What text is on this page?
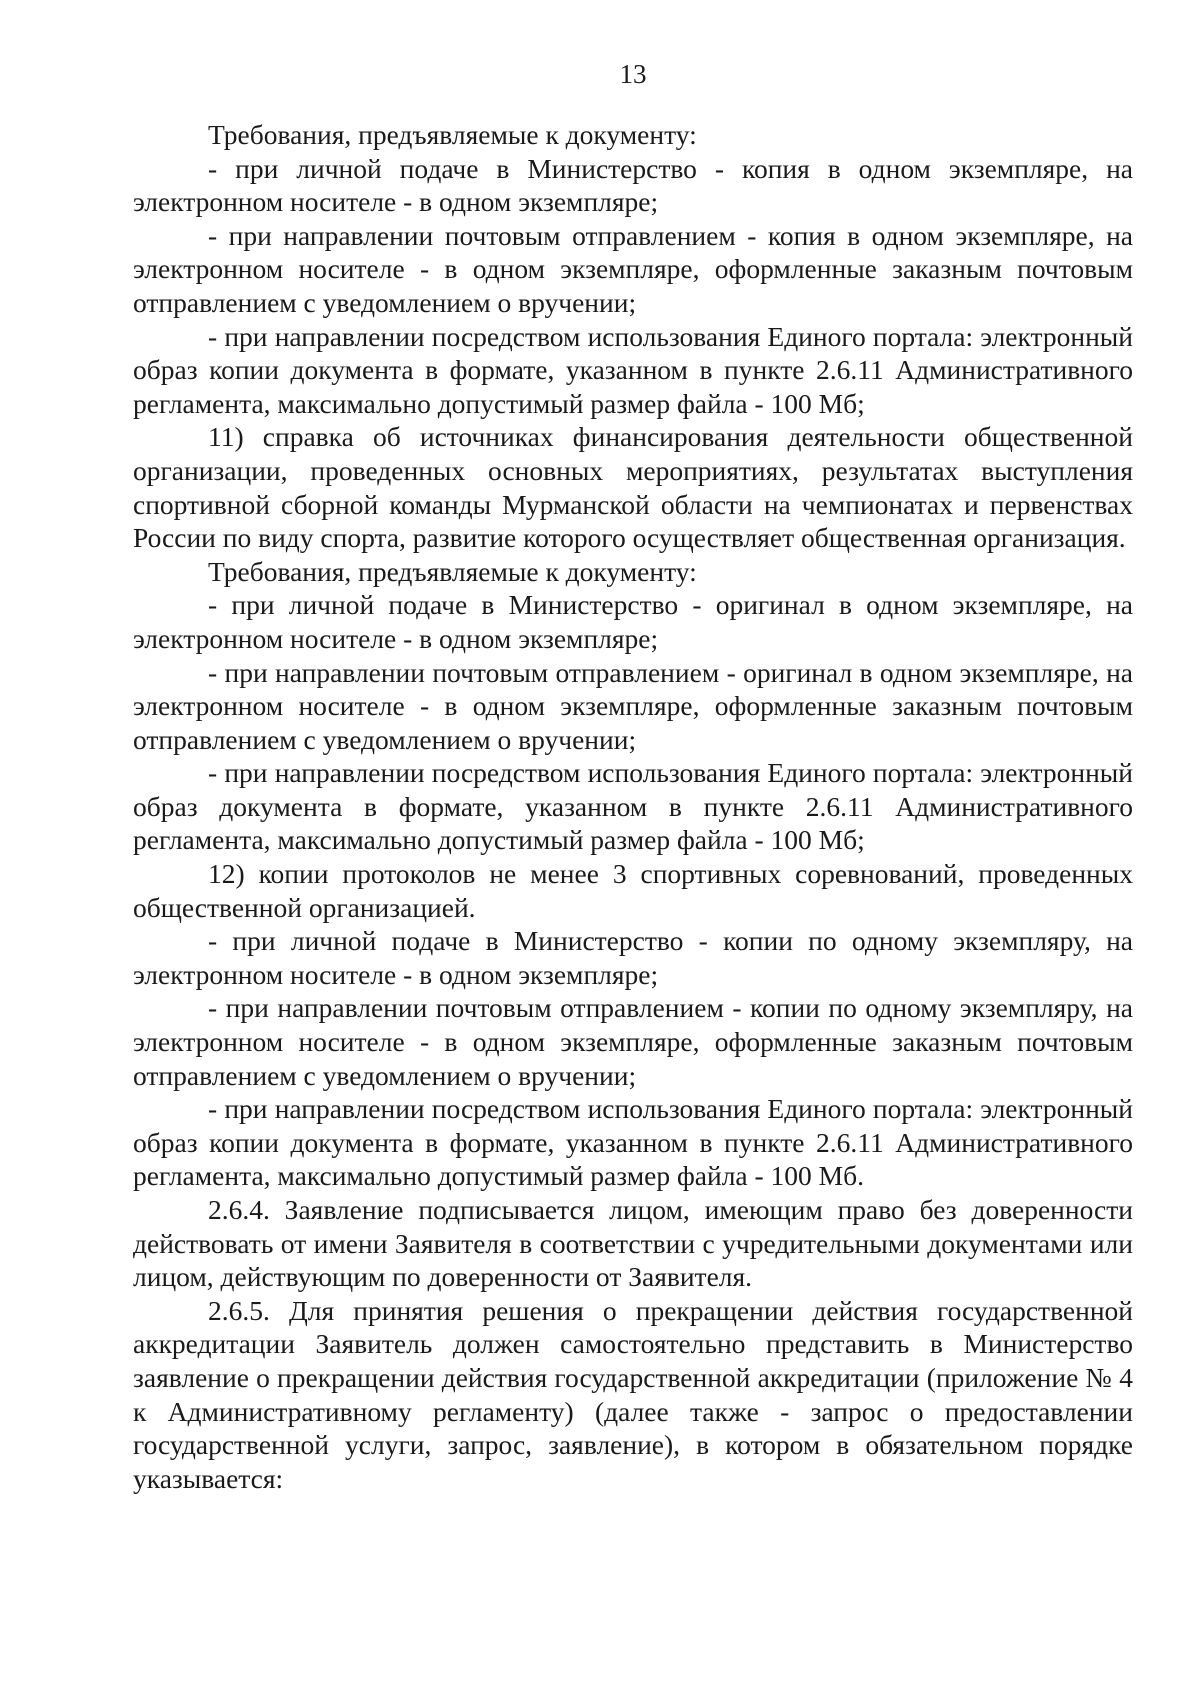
13

Требования, предъявляемые к документу:

- при личной подаче в Министерство - копия в одном экземпляре, на электронном носителе - в одном экземпляре;

- при направлении почтовым отправлением - копия в одном экземпляре, на электронном носителе - в одном экземпляре, оформленные заказным почтовым отправлением с уведомлением о вручении;

- при направлении посредством использования Единого портала: электронный образ копии документа в формате, указанном в пункте 2.6.11 Административного регламента, максимально допустимый размер файла - 100 Мб;

11) справка об источниках финансирования деятельности общественной организации, проведенных основных мероприятиях, результатах выступления спортивной сборной команды Мурманской области на чемпионатах и первенствах России по виду спорта, развитие которого осуществляет общественная организация.

Требования, предъявляемые к документу:

- при личной подаче в Министерство - оригинал в одном экземпляре, на электронном носителе - в одном экземпляре;

- при направлении почтовым отправлением - оригинал в одном экземпляре, на электронном носителе - в одном экземпляре, оформленные заказным почтовым отправлением с уведомлением о вручении;

- при направлении посредством использования Единого портала: электронный образ документа в формате, указанном в пункте 2.6.11 Административного регламента, максимально допустимый размер файла - 100 Мб;

12) копии протоколов не менее 3 спортивных соревнований, проведенных общественной организацией.

- при личной подаче в Министерство - копии по одному экземпляру, на электронном носителе - в одном экземпляре;

- при направлении почтовым отправлением - копии по одному экземпляру, на электронном носителе - в одном экземпляре, оформленные заказным почтовым отправлением с уведомлением о вручении;

- при направлении посредством использования Единого портала: электронный образ копии документа в формате, указанном в пункте 2.6.11 Административного регламента, максимально допустимый размер файла - 100 Мб.

2.6.4. Заявление подписывается лицом, имеющим право без доверенности действовать от имени Заявителя в соответствии с учредительными документами или лицом, действующим по доверенности от Заявителя.

2.6.5. Для принятия решения о прекращении действия государственной аккредитации Заявитель должен самостоятельно представить в Министерство заявление о прекращении действия государственной аккредитации (приложение № 4 к Административному регламенту) (далее также - запрос о предоставлении государственной услуги, запрос, заявление), в котором в обязательном порядке указывается:
